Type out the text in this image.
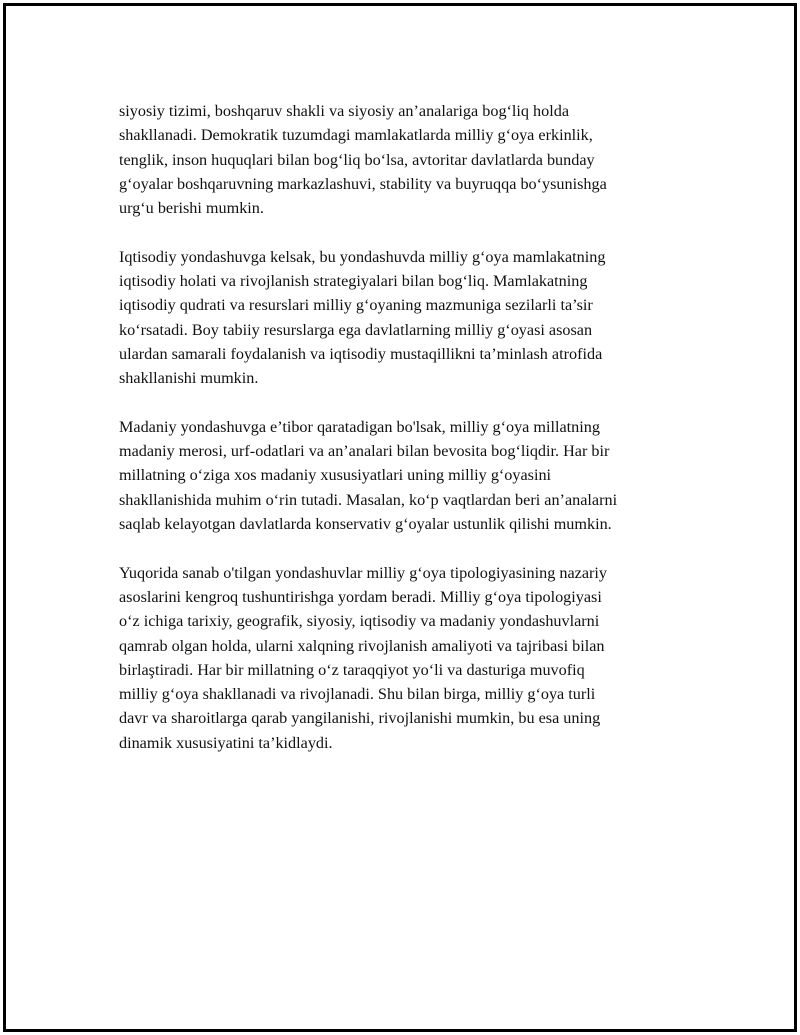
siyosiy tizimi, boshqaruv shakli va siyosiy an’analariga bog‘liq holda
shakllanadi. Demokratik tuzumdagi mamlakatlarda milliy g‘oya erkinlik,
tenglik, inson huquqlari bilan bog‘liq bo‘lsa, avtoritar davlatlarda bunday
g‘oyalar boshqaruvning markazlashuvi, stability va buyruqqa bo‘ysunishga
urg‘u berishi mumkin.

Iqtisodiy yondashuvga kelsak, bu yondashuvda milliy g‘oya mamlakatning
iqtisodiy holati va rivojlanish strategiyalari bilan bog‘liq. Mamlakatning
iqtisodiy qudrati va resurslari milliy g‘oyaning mazmuniga sezilarli ta’sir
ko‘rsatadi. Boy tabiiy resurslarga ega davlatlarning milliy g‘oyasi asosan
ulardan samarali foydalanish va iqtisodiy mustaqillikni ta’minlash atrofida
shakllanishi mumkin.

Madaniy yondashuvga e’tibor qaratadigan bo'lsak, milliy g‘oya millatning
madaniy merosi, urf-odatlari va an’analari bilan bevosita bog‘liqdir. Har bir
millatning o‘ziga xos madaniy xususiyatlari uning milliy g‘oyasini
shakllanishida muhim o‘rin tutadi. Masalan, ko‘p vaqtlardan beri an’analarni
saqlab kelayotgan davlatlarda konservativ g‘oyalar ustunlik qilishi mumkin.

Yuqorida sanab o'tilgan yondashuvlar milliy g‘oya tipologiyasining nazariy
asoslarini kengroq tushuntirishga yordam beradi. Milliy g‘oya tipologiyasi
o‘z ichiga tarixiy, geografik, siyosiy, iqtisodiy va madaniy yondashuvlarni
qamrab olgan holda, ularni xalqning rivojlanish amaliyoti va tajribasi bilan
birlaştiradi. Har bir millatning o‘z taraqqiyot yo‘li va dasturiga muvofiq
milliy g‘oya shakllanadi va rivojlanadi. Shu bilan birga, milliy g‘oya turli
davr va sharoitlarga qarab yangilanishi, rivojlanishi mumkin, bu esa uning
dinamik xususiyatini ta’kidlaydi.
